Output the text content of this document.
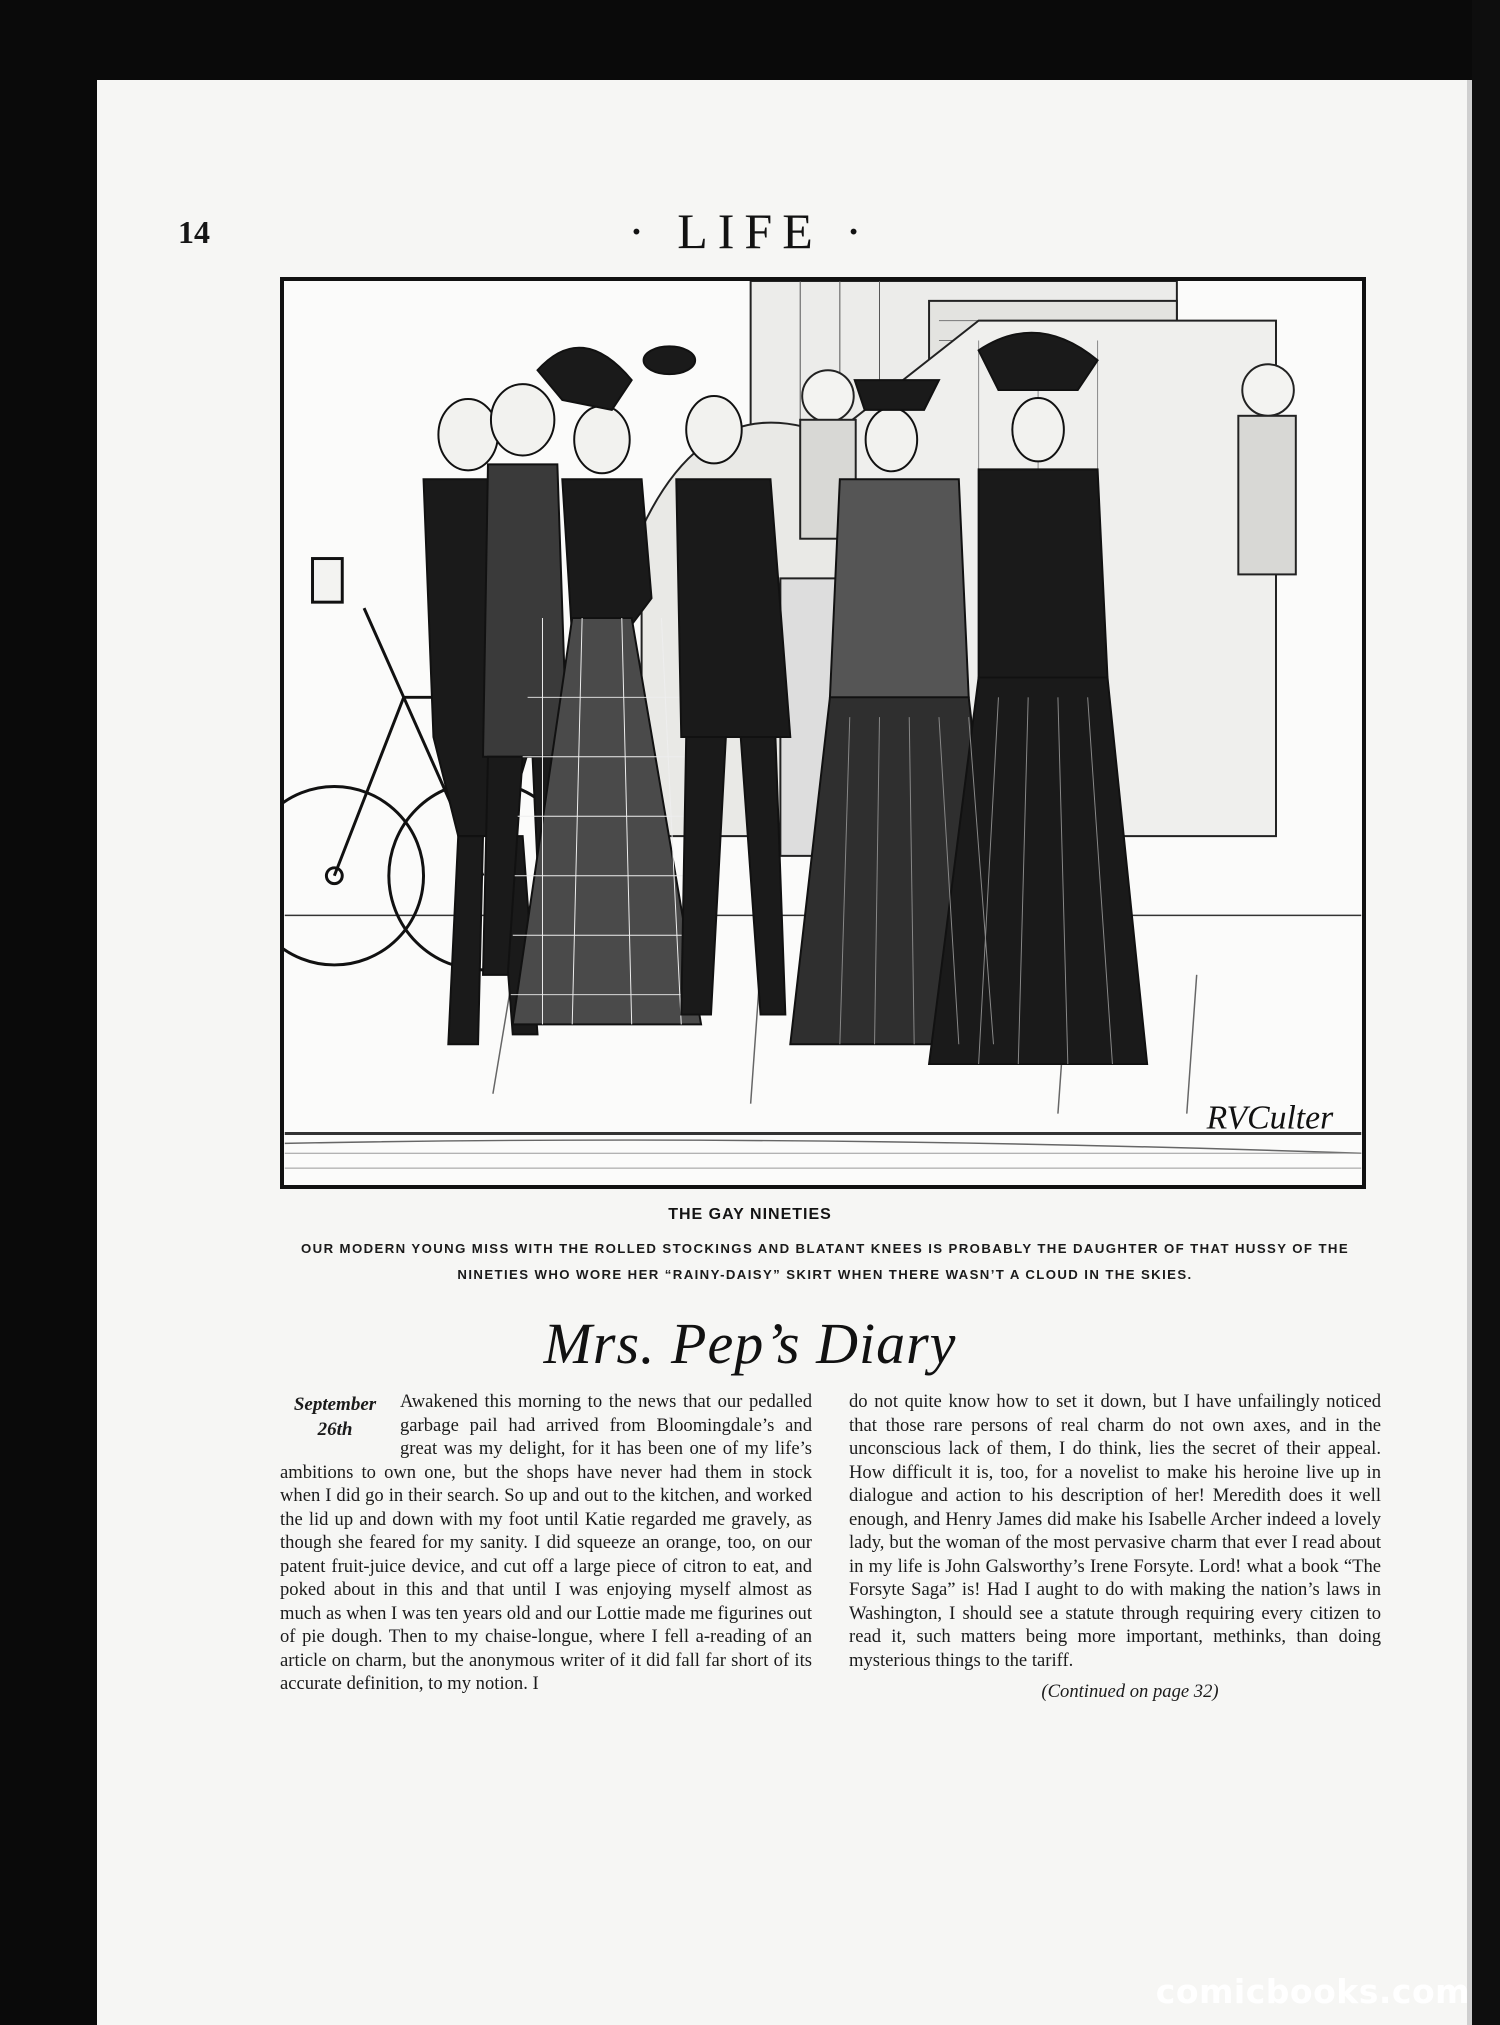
14	· LIFE ·
RVCulter
THE GAY NINETIES
OUR MODERN YOUNG MISS WITH THE ROLLED STOCKINGS AND BLATANT KNEES IS PROBABLY THE DAUGHTER OF THAT HUSSY OF THE NINETIES WHO WORE HER “RAINY-DAISY” SKIRT WHEN THERE WASN’T A CLOUD IN THE SKIES.
Mrs. Pep’s Diary
September
26th
Awakened this morning to the news that our pedalled garbage pail had arrived from Bloomingdale’s and great was my delight, for it has been one of my life’s ambitions to own one, but the shops have never had them in stock when I did go in their search. So up and out to the kitchen, and worked the lid up and down with my foot until Katie regarded me gravely, as though she feared for my sanity. I did squeeze an orange, too, on our patent fruit-juice device, and cut off a large piece of citron to eat, and poked about in this and that until I was enjoying myself almost as much as when I was ten years old and our Lottie made me figurines out of pie dough. Then to my chaise-longue, where I fell a-reading of an article on charm, but the anonymous writer of it did fall far short of its accurate definition, to my notion. I
do not quite know how to set it down, but I have unfailingly noticed that those rare persons of real charm do not own axes, and in the unconscious lack of them, I do think, lies the secret of their appeal. How difficult it is, too, for a novelist to make his heroine live up in dialogue and action to his description of her! Meredith does it well enough, and Henry James did make his Isabelle Archer indeed a lovely lady, but the woman of the most pervasive charm that ever I read about in my life is John Galsworthy’s Irene Forsyte. Lord! what a book “The Forsyte Saga” is! Had I aught to do with making the nation’s laws in Washington, I should see a statute through requiring every citizen to read it, such matters being more important, methinks, than doing mysterious things to the tariff.
(Continued on page 32)
comicbooks.com
